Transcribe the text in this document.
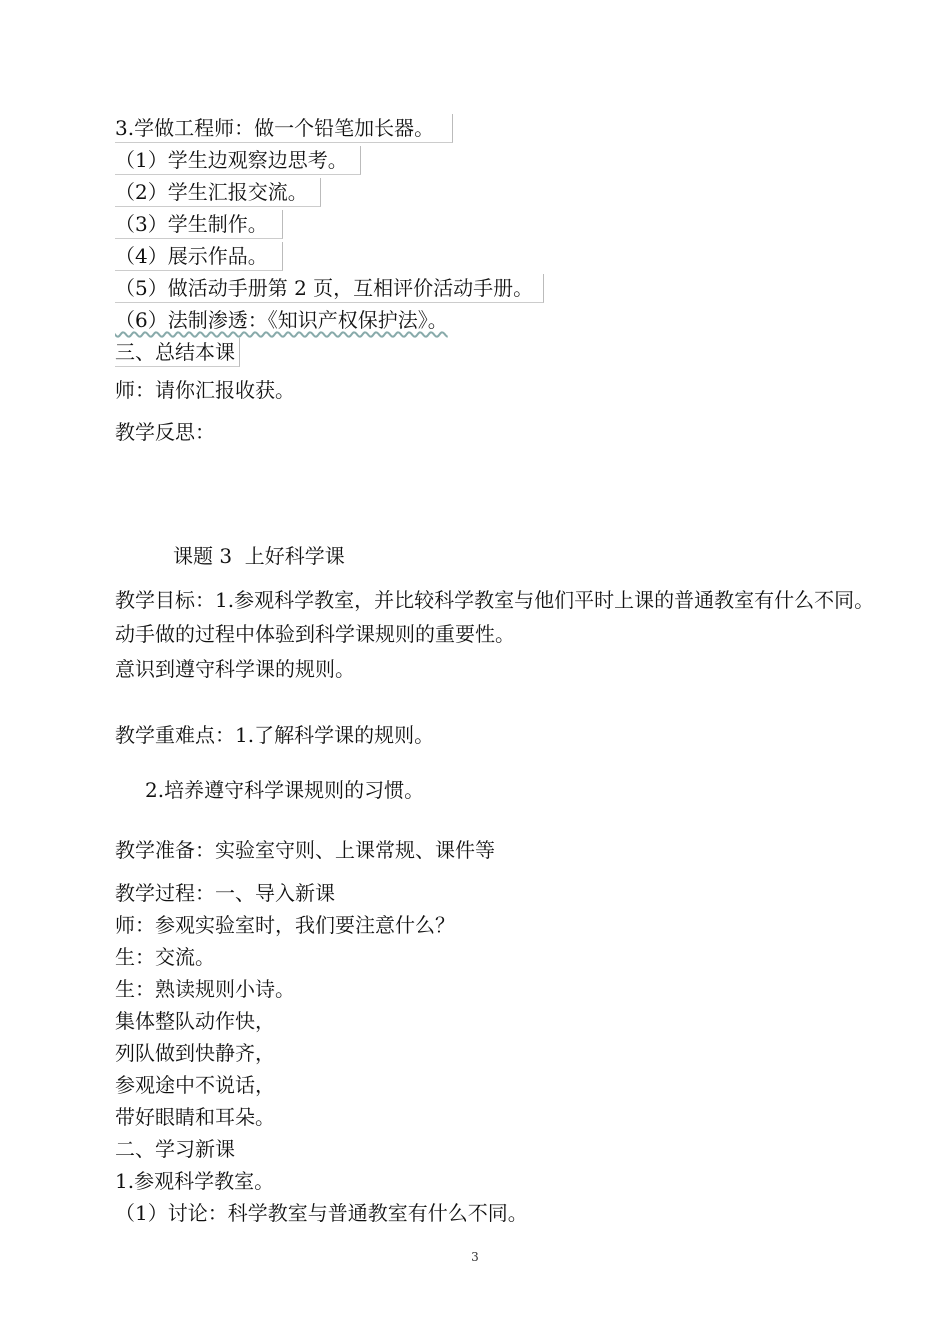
3.学做工程师：做一个铅笔加长器。
（1）学生边观察边思考。
（2）学生汇报交流。
（3）学生制作。
（4）展示作品。
（5）做活动手册第 2 页，互相评价活动手册。
（6）法制渗透：《知识产权保护法》。
三、总结本课
师：请你汇报收获。
教学反思：
课题 3  上好科学课
教学目标：1.参观科学教室，并比较科学教室与他们平时上课的普通教室有什么不同。动手做的过程中体验到科学课规则的重要性。
意识到遵守科学课的规则。
教学重难点：1.了解科学课的规则。
2.培养遵守科学课规则的习惯。
教学准备：实验室守则、上课常规、课件等
教学过程：一、导入新课
师：参观实验室时，我们要注意什么？
生：交流。
生：熟读规则小诗。
集体整队动作快，
列队做到快静齐，
参观途中不说话，
带好眼睛和耳朵。
二、学习新课
1.参观科学教室。
（1）讨论：科学教室与普通教室有什么不同。
3
